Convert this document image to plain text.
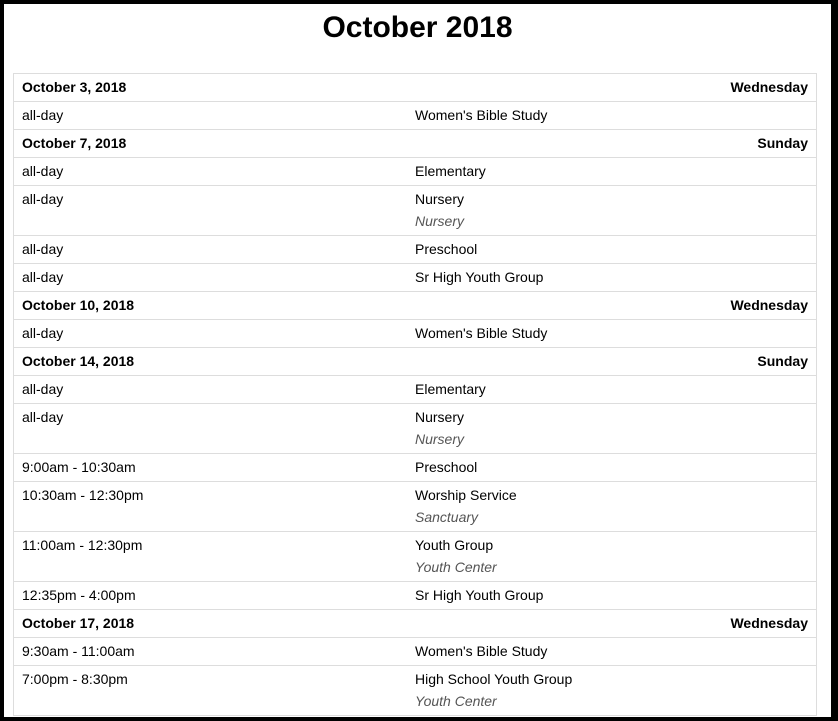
October 2018
October 3, 2018 Wednesday	

all-day	Women's Bible Study

October 7, 2018 Sunday	

all-day	Elementary

all-day	Nursery
Nursery

all-day	Preschool

all-day	Sr High Youth Group

October 10, 2018 Wednesday	

all-day	Women's Bible Study

October 14, 2018 Sunday	

all-day	Elementary

all-day	Nursery
Nursery

9:00am - 10:30am	Preschool

10:30am - 12:30pm	Worship Service
Sanctuary

11:00am - 12:30pm	Youth Group
Youth Center

12:35pm - 4:00pm	Sr High Youth Group

October 17, 2018 Wednesday	

9:30am - 11:00am	Women's Bible Study

7:00pm - 8:30pm	High School Youth Group
Youth Center
